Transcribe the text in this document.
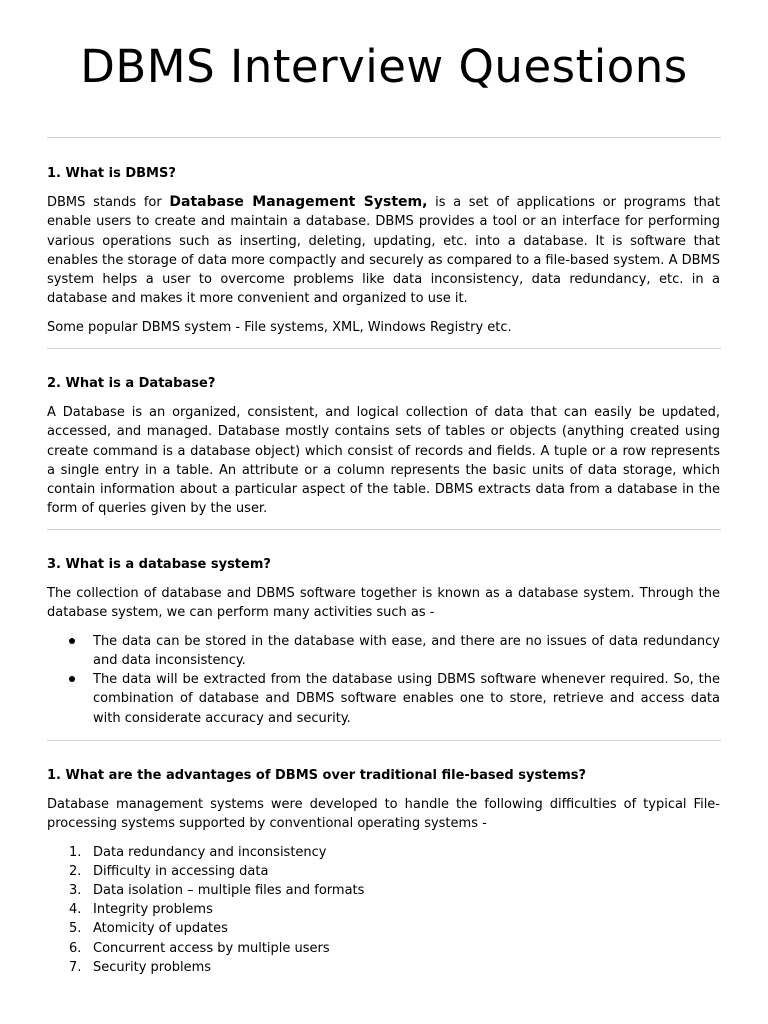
DBMS Interview Questions

1. What is DBMS?

DBMS stands for Database Management System, is a set of applications or programs that enable users to create and maintain a database. DBMS provides a tool or an interface for performing various operations such as inserting, deleting, updating, etc. into a database. It is software that enables the storage of data more compactly and securely as compared to a file-based system. A DBMS system helps a user to overcome problems like data inconsistency, data redundancy, etc. in a database and makes it more convenient and organized to use it.

Some popular DBMS system - File systems, XML, Windows Registry etc.

2. What is a Database?

A Database is an organized, consistent, and logical collection of data that can easily be updated, accessed, and managed. Database mostly contains sets of tables or objects (anything created using create command is a database object) which consist of records and fields. A tuple or a row represents a single entry in a table. An attribute or a column represents the basic units of data storage, which contain information about a particular aspect of the table. DBMS extracts data from a database in the form of queries given by the user.

3. What is a database system?

The collection of database and DBMS software together is known as a database system. Through the database system, we can perform many activities such as -

The data can be stored in the database with ease, and there are no issues of data redundancy and data inconsistency.
The data will be extracted from the database using DBMS software whenever required. So, the combination of database and DBMS software enables one to store, retrieve and access data with considerate accuracy and security.

1. What are the advantages of DBMS over traditional file-based systems?

Database management systems were developed to handle the following difficulties of typical File-processing systems supported by conventional operating systems -

1. Data redundancy and inconsistency
2. Difficulty in accessing data
3. Data isolation – multiple files and formats
4. Integrity problems
5. Atomicity of updates
6. Concurrent access by multiple users
7. Security problems
